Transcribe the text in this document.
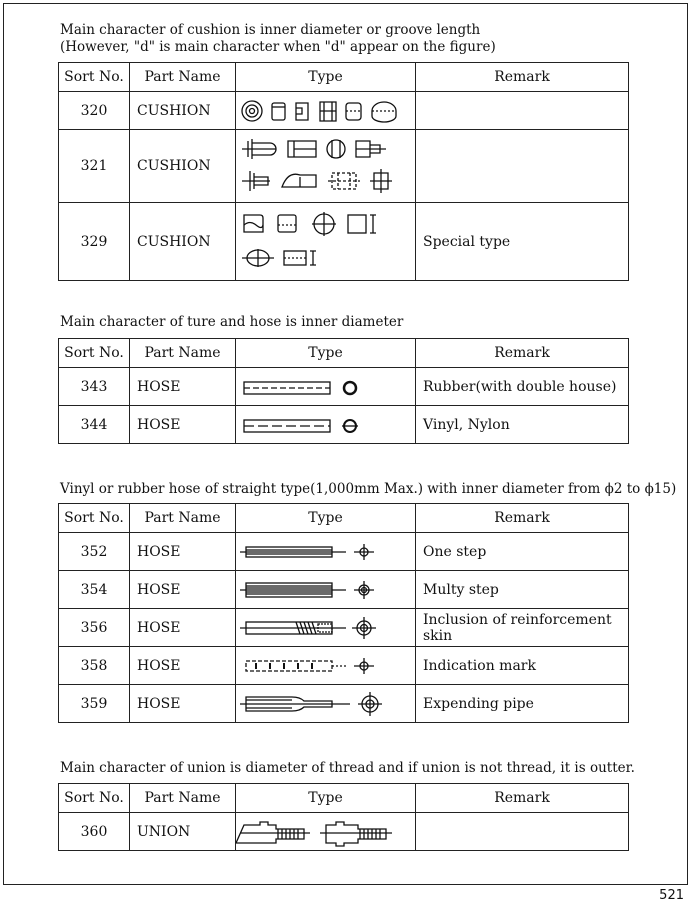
Main character of cushion is inner diameter or groove length
(However, "d" is main character when "d" appear on the figure)
Sort No.	Part Name	Type	Remark
320	CUSHION	

321	CUSHION	

329	CUSHION		Special type
Main character of ture and hose is inner diameter
Sort No.	Part Name	Type	Remark
343	HOSE		Rubber(with double house)
344	HOSE		Vinyl, Nylon
Vinyl or rubber hose of straight type(1,000mm Max.) with inner diameter from ϕ2 to ϕ15)
Sort No.	Part Name	Type	Remark
352	HOSE		One step
354	HOSE		Multy step
356	HOSE		Inclusion of reinforcement skin
358	HOSE		Indication mark
359	HOSE		Expending pipe
Main character of union is diameter of thread and if union is not thread, it is outter.
Sort No.	Part Name	Type	Remark
360	UNION	

521
